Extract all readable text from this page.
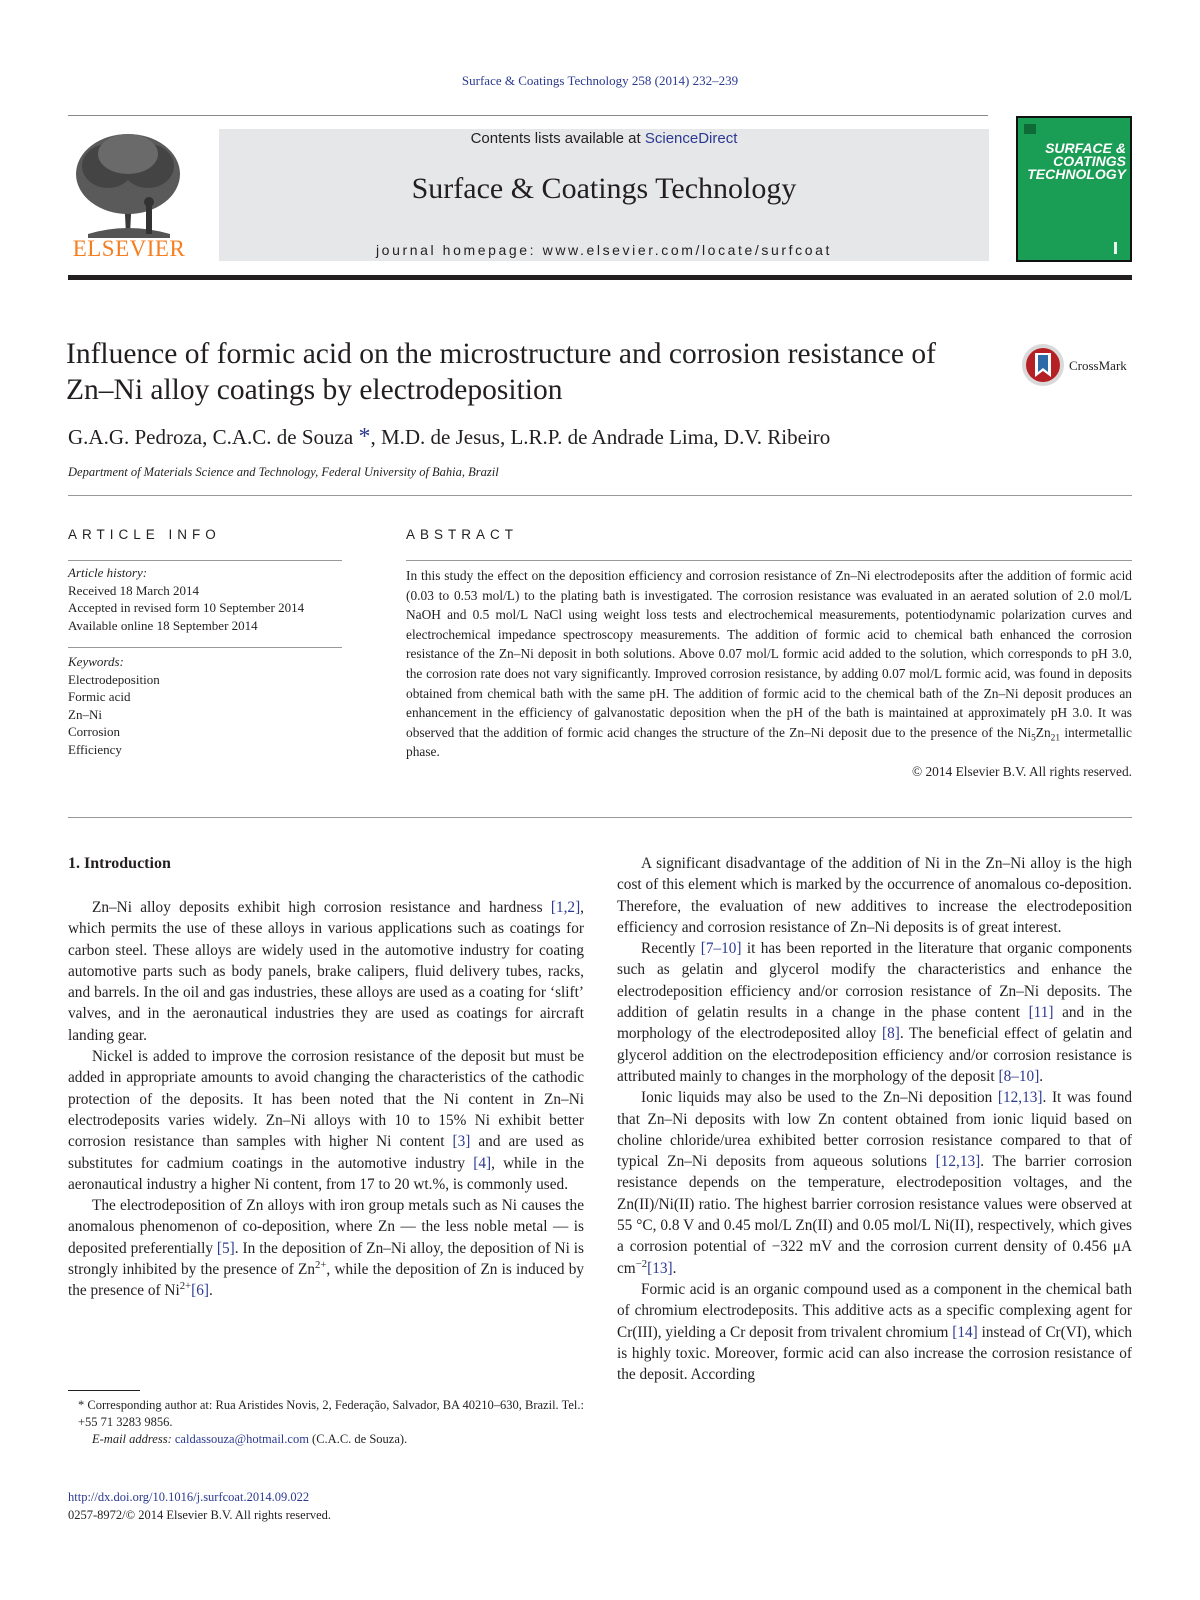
Surface & Coatings Technology 258 (2014) 232–239
ELSEVIER
Contents lists available at ScienceDirect
Surface & Coatings Technology
journal homepage: www.elsevier.com/locate/surfcoat
SURFACE & COATINGS TECHNOLOGY
Influence of formic acid on the microstructure and corrosion resistance of Zn–Ni alloy coatings by electrodeposition
CrossMark
G.A.G. Pedroza, C.A.C. de Souza *, M.D. de Jesus, L.R.P. de Andrade Lima, D.V. Ribeiro
Department of Materials Science and Technology, Federal University of Bahia, Brazil
ARTICLE INFO
Article history:
Received 18 March 2014
Accepted in revised form 10 September 2014
Available online 18 September 2014
Keywords:
Electrodeposition
Formic acid
Zn–Ni
Corrosion
Efficiency
ABSTRACT
In this study the effect on the deposition efficiency and corrosion resistance of Zn–Ni electrodeposits after the addition of formic acid (0.03 to 0.53 mol/L) to the plating bath is investigated. The corrosion resistance was evaluated in an aerated solution of 2.0 mol/L NaOH and 0.5 mol/L NaCl using weight loss tests and electrochemical measurements, potentiodynamic polarization curves and electrochemical impedance spectroscopy measurements. The addition of formic acid to chemical bath enhanced the corrosion resistance of the Zn–Ni deposit in both solutions. Above 0.07 mol/L formic acid added to the solution, which corresponds to pH 3.0, the corrosion rate does not vary significantly. Improved corrosion resistance, by adding 0.07 mol/L formic acid, was found in deposits obtained from chemical bath with the same pH. The addition of formic acid to the chemical bath of the Zn–Ni deposit produces an enhancement in the efficiency of galvanostatic deposition when the pH of the bath is maintained at approximately pH 3.0. It was observed that the addition of formic acid changes the structure of the Zn–Ni deposit due to the presence of the $Ni_5Zn_{21}$ intermetallic phase.
© 2014 Elsevier B.V. All rights reserved.
1. Introduction

Zn–Ni alloy deposits exhibit high corrosion resistance and hardness [1,2], which permits the use of these alloys in various applications such as coatings for carbon steel. These alloys are widely used in the automotive industry for coating automotive parts such as body panels, brake calipers, fluid delivery tubes, racks, and barrels. In the oil and gas industries, these alloys are used as a coating for ‘slift’ valves, and in the aeronautical industries they are used as coatings for aircraft landing gear.

Nickel is added to improve the corrosion resistance of the deposit but must be added in appropriate amounts to avoid changing the characteristics of the cathodic protection of the deposits. It has been noted that the Ni content in Zn–Ni electrodeposits varies widely. Zn–Ni alloys with 10 to 15% Ni exhibit better corrosion resistance than samples with higher Ni content [3] and are used as substitutes for cadmium coatings in the automotive industry [4], while in the aeronautical industry a higher Ni content, from 17 to 20 wt.%, is commonly used.

The electrodeposition of Zn alloys with iron group metals such as Ni causes the anomalous phenomenon of co-deposition, where Zn — the less noble metal — is deposited preferentially [5]. In the deposition of Zn–Ni alloy, the deposition of Ni is strongly inhibited by the presence of $Zn^{2+}$, while the deposition of Zn is induced by the presence of $Ni^{2+}[6]$.

A significant disadvantage of the addition of Ni in the Zn–Ni alloy is the high cost of this element which is marked by the occurrence of anomalous co-deposition. Therefore, the evaluation of new additives to increase the electrodeposition efficiency and corrosion resistance of Zn–Ni deposits is of great interest.

Recently [7–10] it has been reported in the literature that organic components such as gelatin and glycerol modify the characteristics and enhance the electrodeposition efficiency and/or corrosion resistance of Zn–Ni deposits. The addition of gelatin results in a change in the phase content [11] and in the morphology of the electrodeposited alloy [8]. The beneficial effect of gelatin and glycerol addition on the electrodeposition efficiency and/or corrosion resistance is attributed mainly to changes in the morphology of the deposit [8–10].

Ionic liquids may also be used to the Zn–Ni deposition [12,13]. It was found that Zn–Ni deposits with low Zn content obtained from ionic liquid based on choline chloride/urea exhibited better corrosion resistance compared to that of typical Zn–Ni deposits from aqueous solutions [12,13]. The barrier corrosion resistance depends on the temperature, electrodeposition voltages, and the Zn(II)/Ni(II) ratio. The highest barrier corrosion resistance values were observed at 55 °C, 0.8 V and 0.45 mol/L Zn(II) and 0.05 mol/L Ni(II), respectively, which gives a corrosion potential of −322 mV and the corrosion current density of 0.456 μA $cm^{-2}[13]$.

Formic acid is an organic compound used as a component in the chemical bath of chromium electrodeposits. This additive acts as a specific complexing agent for Cr(III), yielding a Cr deposit from trivalent chromium [14] instead of Cr(VI), which is highly toxic. Moreover, formic acid can also increase the corrosion resistance of the deposit. According

* Corresponding author at: Rua Aristides Novis, 2, Federação, Salvador, BA 40210–630, Brazil. Tel.: +55 71 3283 9856.
E-mail address: caldassouza@hotmail.com (C.A.C. de Souza).
http://dx.doi.org/10.1016/j.surfcoat.2014.09.022
0257-8972/© 2014 Elsevier B.V. All rights reserved.
